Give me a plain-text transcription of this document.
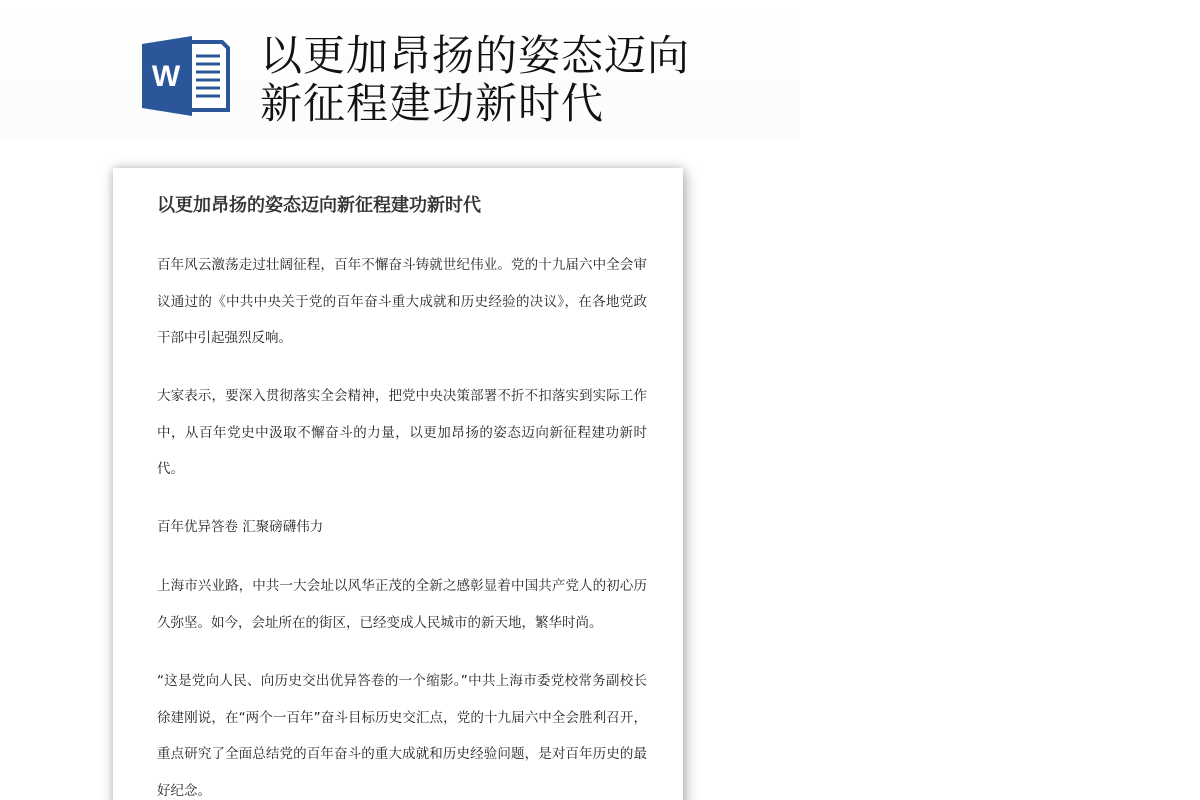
W 以更加昂扬的姿态迈向新征程建功新时代
以更加昂扬的姿态迈向新征程建功新时代

百年风云激荡走过壮阔征程，百年不懈奋斗铸就世纪伟业。党的十九届六中全会审议通过的《中共中央关于党的百年奋斗重大成就和历史经验的决议》，在各地党政干部中引起强烈反响。

大家表示，要深入贯彻落实全会精神，把党中央决策部署不折不扣落实到实际工作中，从百年党史中汲取不懈奋斗的力量，以更加昂扬的姿态迈向新征程建功新时代。

百年优异答卷 汇聚磅礴伟力

上海市兴业路，中共一大会址以风华正茂的全新之感彰显着中国共产党人的初心历久弥坚。如今，会址所在的街区，已经变成人民城市的新天地，繁华时尚。

“这是党向人民、向历史交出优异答卷的一个缩影。”中共上海市委党校常务副校长徐建刚说，在“两个一百年”奋斗目标历史交汇点，党的十九届六中全会胜利召开，重点研究了全面总结党的百年奋斗的重大成就和历史经验问题，是对百年历史的最好纪念。
